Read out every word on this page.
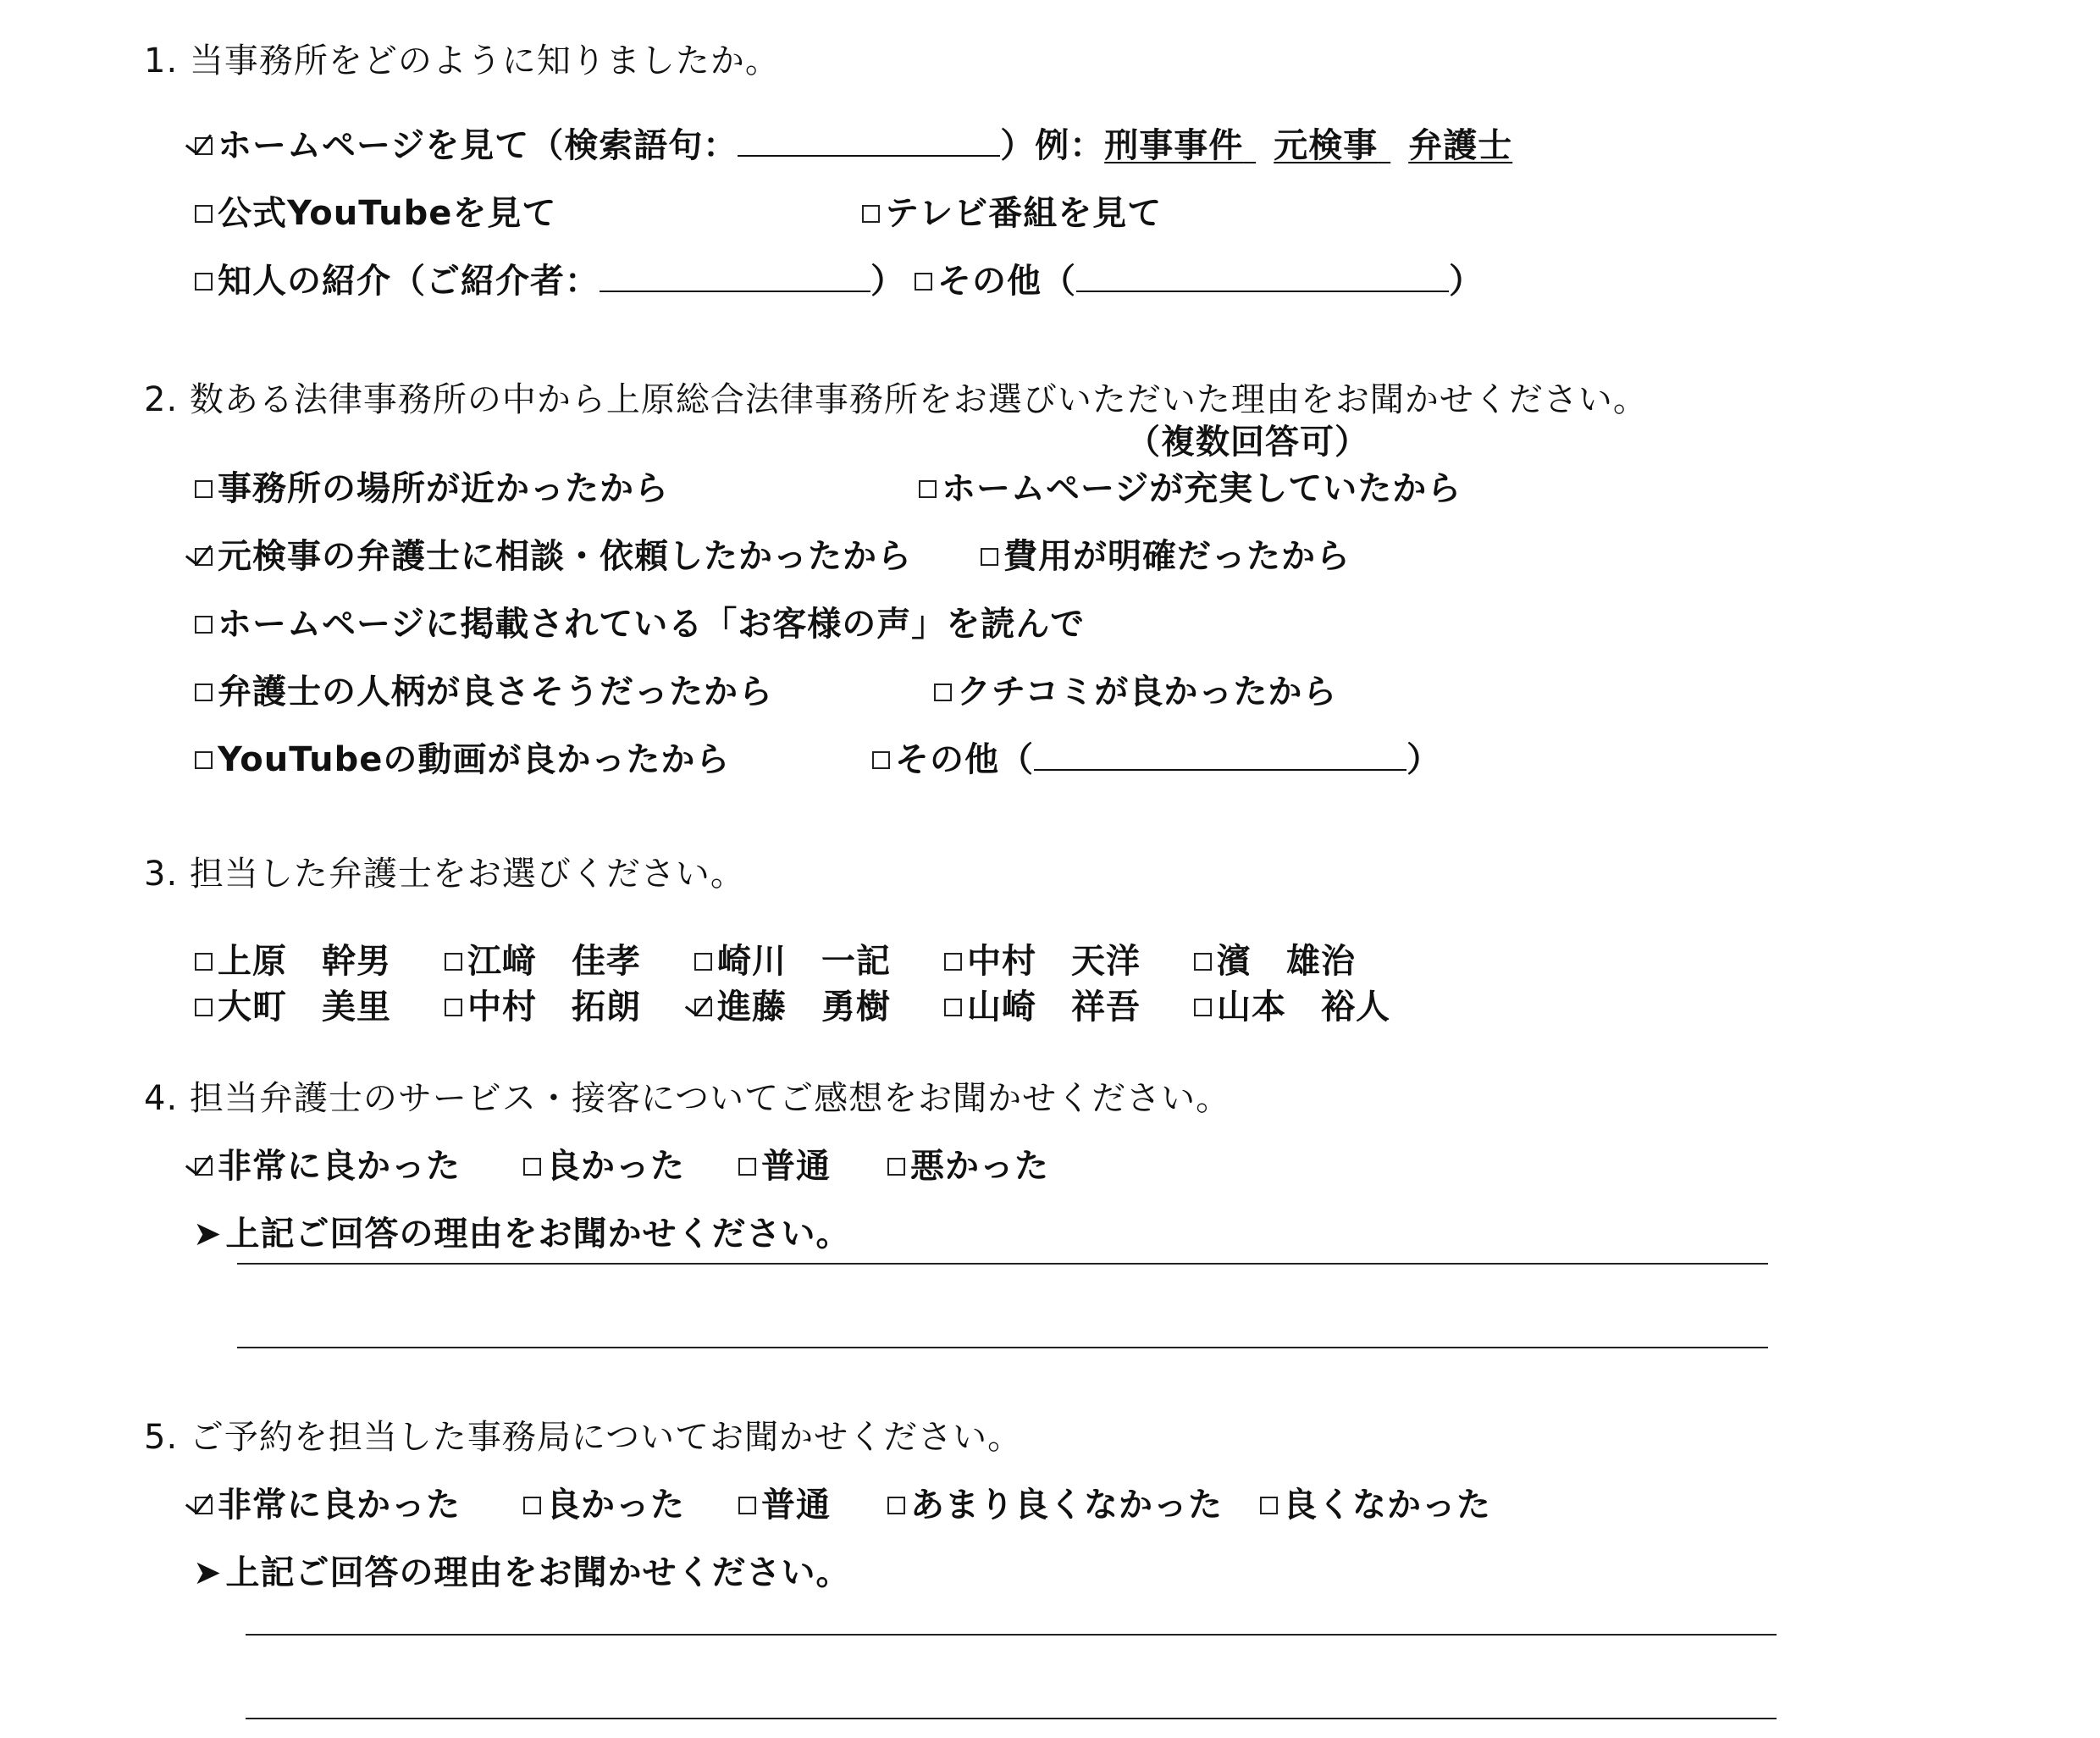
1. 当事務所をどのように知りましたか。
ホームページを見て（検索語句：	）例： 刑事事件
元検事
弁護士
公式YouTubeを見て	テレビ番組を見て
知人の紹介（ご紹介者：	） その他（	）
2. 数ある法律事務所の中から上原総合法律事務所をお選びいただいた理由をお聞かせください。
（複数回答可）
事務所の場所が近かったから	ホームページが充実していたから
元検事の弁護士に相談・依頼したかったから	費用が明確だったから
ホームページに掲載されている「お客様の声」を読んで
弁護士の人柄が良さそうだったから	クチコミが良かったから
YouTubeの動画が良かったから	その他（	）
3. 担当した弁護士をお選びください。
上原　幹男 江﨑　佳孝 崎川　一記 中村　天洋 濱　雄治
大町　美里 中村　拓朗 進藤　勇樹 山崎　祥吾 山本　裕人
4. 担当弁護士のサービス・接客についてご感想をお聞かせください。
非常に良かった	良かった 普通 悪かった
➤ 上記ご回答の理由をお聞かせください。
5. ご予約を担当した事務局についてお聞かせください。
非常に良かった	良かった 普通 あまり良くなかった 良くなかった
➤ 上記ご回答の理由をお聞かせください。
